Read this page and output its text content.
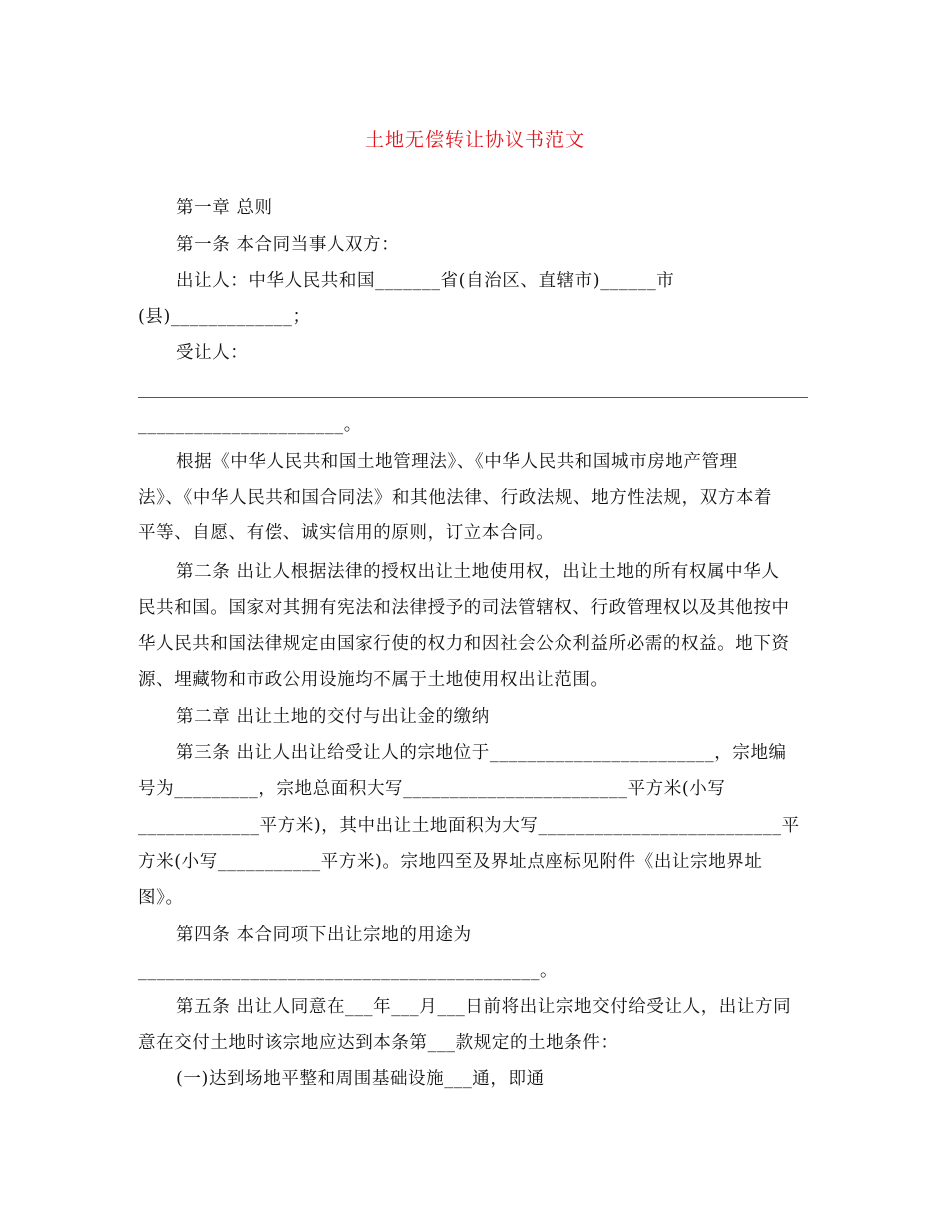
土地无偿转让协议书范文
第一章 总则
第一条 本合同当事人双方：
出让人：中华人民共和国_______省(自治区、直辖市)______市
(县)_____________；
受让人：
______________________。
根据《中华人民共和国土地管理法》、《中华人民共和国城市房地产管理
法》、《中华人民共和国合同法》和其他法律、行政法规、地方性法规，双方本着
平等、自愿、有偿、诚实信用的原则，订立本合同。
第二条 出让人根据法律的授权出让土地使用权，出让土地的所有权属中华人
民共和国。国家对其拥有宪法和法律授予的司法管辖权、行政管理权以及其他按中
华人民共和国法律规定由国家行使的权力和因社会公众利益所必需的权益。地下资
源、埋藏物和市政公用设施均不属于土地使用权出让范围。
第二章 出让土地的交付与出让金的缴纳
第三条 出让人出让给受让人的宗地位于________________________，宗地编
号为_________，宗地总面积大写________________________平方米(小写
_____________平方米)，其中出让土地面积为大写__________________________平
方米(小写___________平方米)。宗地四至及界址点座标见附件《出让宗地界址
图》。
第四条 本合同项下出让宗地的用途为
___________________________________________。
第五条 出让人同意在___年___月___日前将出让宗地交付给受让人，出让方同
意在交付土地时该宗地应达到本条第___款规定的土地条件：
(一)达到场地平整和周围基础设施___通，即通
